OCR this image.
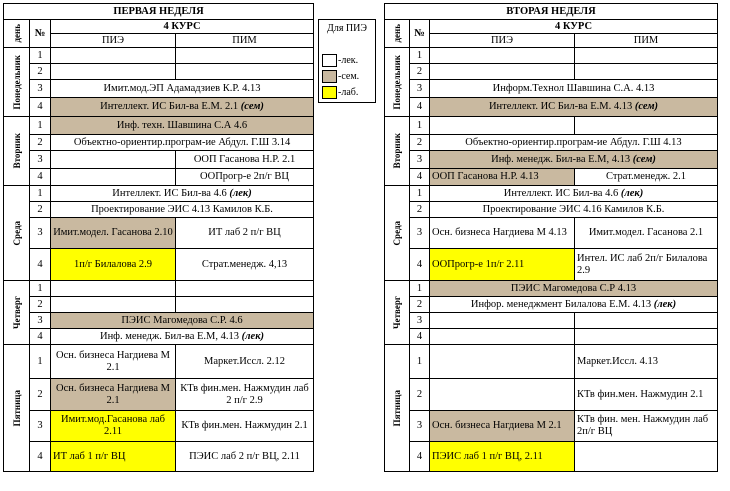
ПЕРВАЯ НЕДЕЛЯ			

день	№	4 КУРС	
		ПИЭ	ПИМ

Понедельник	1		
	2		
	3	Имит.мод.ЭП Адамадзиев К.Р. 4.13	
	4	Интеллект. ИС Бил-ва Е.М. 2.1 (сем)	

Вторник	1	Инф. техн. Шавшина С.А 4.6	
	2	Объектно-ориентир.програм-ие Абдул. Г.Ш 3.14	
	3		ООП Гасанова Н.Р. 2.1
	4		ООПрогр-е 2п/г ВЦ

Среда	1	Интеллект. ИС Бил-ва 4.6 (лек)	
	2	Проектирование ЭИС 4.13 Камилов К.Б.	
	3	Имит.модел. Гасанова 2.10	ИТ лаб 2 п/г ВЦ
	4	1п/г Билалова 2.9	Страт.менедж. 4,13

Четверг	1		
	2		
	3	ПЭИС Магомедова С.Р. 4.6	
	4	Инф. менедж. Бил-ва Е.М, 4.13 (лек)	

Пятница	1	Осн. бизнеса Нагдиева М 2.1	Маркет.Иссл. 2.12
	2	Осн. бизнеса Нагдиева М 2.1	КТв фин.мен. Нажмудин лаб 2 п/г 2.9
	3	Имит.мод.Гасанова лаб 2.11	КТв фин.мен. Нажмудин 2.1
	4	ИТ лаб 1 п/г ВЦ	ПЭИС лаб 2 п/г ВЦ, 2.11
ВТОРАЯ НЕДЕЛЯ			

день	№	4 КУРС	
		ПИЭ	ПИМ

Понедельник	1		
	2		
	3	Информ.Технол Шавшина С.А. 4.13	
	4	Интеллект. ИС Бил-ва Е.М. 4.13 (сем)	

Вторник	1		
	2	Объектно-ориентир.програм-ие Абдул. Г.Ш 4.13	
	3	Инф. менедж. Бил-ва Е.М, 4.13 (сем)	
	4	ООП Гасанова Н.Р. 4.13	Страт.менедж. 2.1

Среда	1	Интеллект. ИС Бил-ва 4.6 (лек)	
	2	Проектирование ЭИС 4.16 Камилов К.Б.	
	3	Осн. бизнеса Нагдиева М 4.13	Имит.модел. Гасанова 2.1
	4	ООПрогр-е 1п/г 2.11	Интел. ИС лаб 2п/г Билалова 2.9

Четверг	1	ПЭИС Магомедова С.Р 4.13	
	2	Инфор. менеджмент Билалова Е.М. 4.13 (лек)	
	3		
	4		

Пятница	1		Маркет.Иссл. 4.13
	2		КТв фин.мен. Нажмудин 2.1
	3	Осн. бизнеса Нагдиева М 2.1	КТв фин. мен. Нажмудин лаб 2п/г ВЦ
	4	ПЭИС лаб 1 п/г ВЦ, 2.11	
Для ПИЭ
-лек.
-сем.
-лаб.
